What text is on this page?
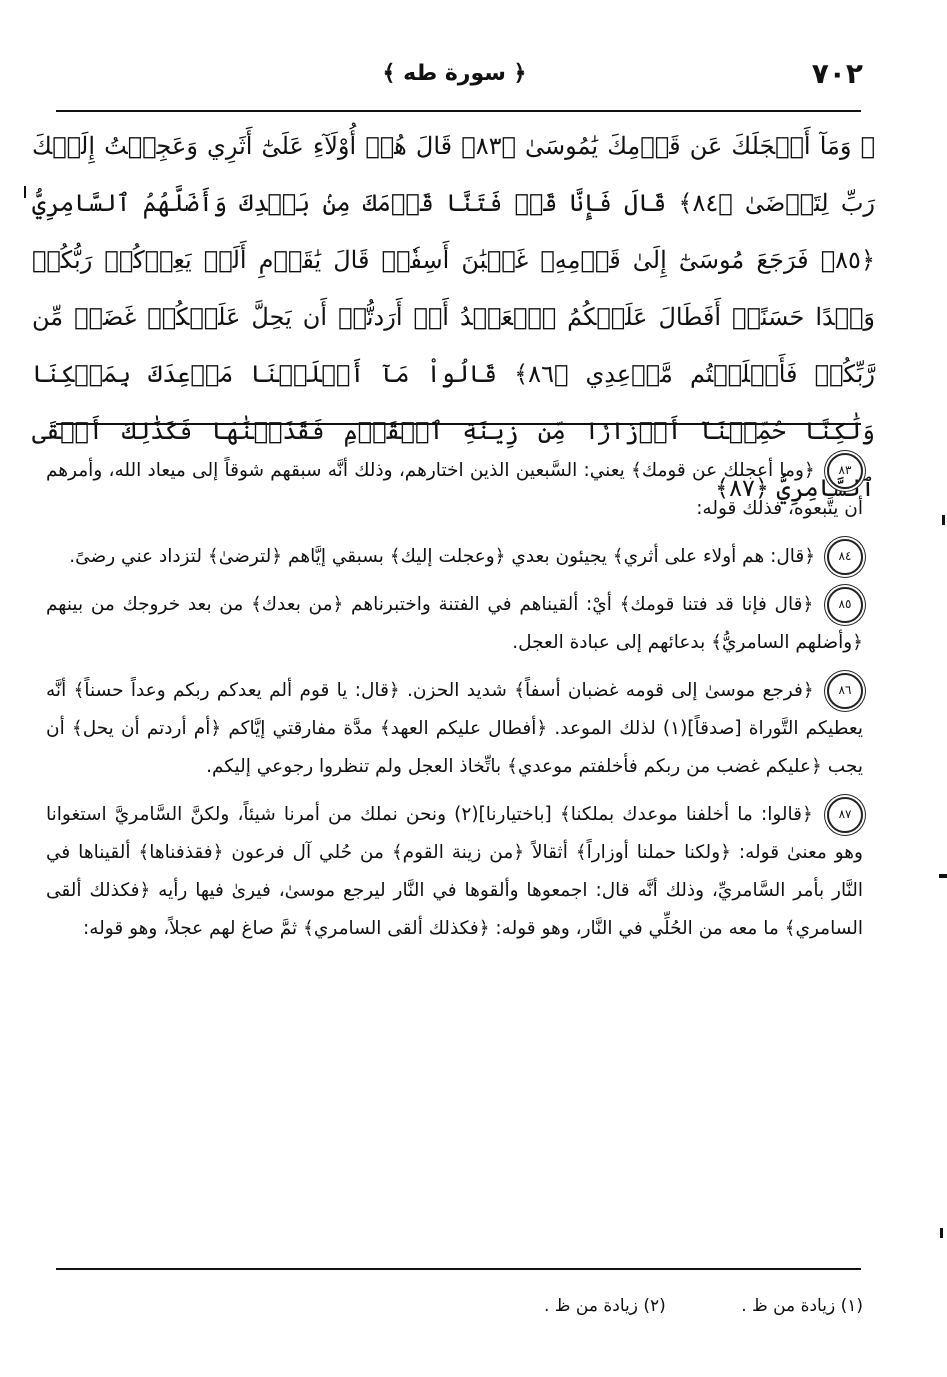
٧٠٢
﴿ سورة طه ﴾

﴿ وَمَآ أَعۡجَلَكَ عَن قَوۡمِكَ يَٰمُوسَىٰ ﴿٨٣﴾ قَالَ هُمۡ أُوْلَآءِ عَلَىٰٓ أَثَرِي وَعَجِلۡتُ إِلَيۡكَ رَبِّ لِتَرۡضَىٰ ﴿٨٤﴾ قَالَ فَإِنَّا قَدۡ فَتَنَّا قَوۡمَكَ مِنۢ بَعۡدِكَ وَأَضَلَّهُمُ ٱلسَّامِرِيُّ ﴿٨٥﴾ فَرَجَعَ مُوسَىٰٓ إِلَىٰ قَوۡمِهِۦ غَضۡبَٰنَ أَسِفٗاۚ قَالَ يَٰقَوۡمِ أَلَمۡ يَعِدۡكُمۡ رَبُّكُمۡ وَعۡدًا حَسَنًاۚ أَفَطَالَ عَلَيۡكُمُ ٱلۡعَهۡدُ أَمۡ أَرَدتُّمۡ أَن يَحِلَّ عَلَيۡكُمۡ غَضَبٞ مِّن رَّبِّكُمۡ فَأَخۡلَفۡتُم مَّوۡعِدِي ﴿٨٦﴾ قَالُواْ مَآ أَخۡلَفۡنَا مَوۡعِدَكَ بِمَلۡكِنَا وَلَٰكِنَّا حُمِّلۡنَآ أَوۡزَارٗا مِّن زِينَةِ ٱلۡقَوۡمِ فَقَذَفۡنَٰهَا فَكَذَٰلِكَ أَلۡقَى ٱلسَّامِرِيُّ ﴿٨٧﴾

٨٣ ﴿وما أعجلك عن قومك﴾ يعني: السَّبعين الذين اختارهم، وذلك أنَّه سبقهم شوقاً إلى ميعاد الله، وأمرهم أن يتَّبعوه، فذلك قوله:
٨٤ ﴿قال: هم أولاء على أثري﴾ يجيئون بعدي ﴿وعجلت إليك﴾ بسبقي إيَّاهم ﴿لترضىٰ﴾ لتزداد عني رضىً.
٨٥ ﴿قال فإنا قد فتنا قومك﴾ أيْ: ألقيناهم في الفتنة واختبرناهم ﴿من بعدك﴾ من بعد خروجك من بينهم ﴿وأضلهم السامريُّ﴾ بدعائهم إلى عبادة العجل.
٨٦ ﴿فرجع موسىٰ إلى قومه غضبان أسفاً﴾ شديد الحزن. ﴿قال: يا قوم ألم يعدكم ربكم وعداً حسناً﴾ أنَّه يعطيكم التَّوراة [صدقاً](١) لذلك الموعد. ﴿أفطال عليكم العهد﴾ مدَّة مفارقتي إيَّاكم ﴿أم أردتم أن يحل﴾ أن يجب ﴿عليكم غضب من ربكم فأخلفتم موعدي﴾ باتِّخاذ العجل ولم تنظروا رجوعي إليكم.
٨٧ ﴿قالوا: ما أخلفنا موعدك بملكنا﴾ [باختيارنا](٢) ونحن نملك من أمرنا شيئاً، ولكنَّ السَّامريَّ استغوانا وهو معنىٰ قوله: ﴿ولكنا حملنا أوزاراً﴾ أثقالاً ﴿من زينة القوم﴾ من حُلي آل فرعون ﴿فقذفناها﴾ ألقيناها في النَّار بأمر السَّامريِّ، وذلك أنَّه قال: اجمعوها وألقوها في النَّار ليرجع موسىٰ، فيرىٰ فيها رأيه ﴿فكذلك ألقى السامري﴾ ما معه من الحُلِّي في النَّار، وهو قوله: ﴿فكذلك ألقى السامري﴾ ثمَّ صاغ لهم عجلاً، وهو قوله:
(١) زيادة من ظ . (٢) زيادة من ظ .
